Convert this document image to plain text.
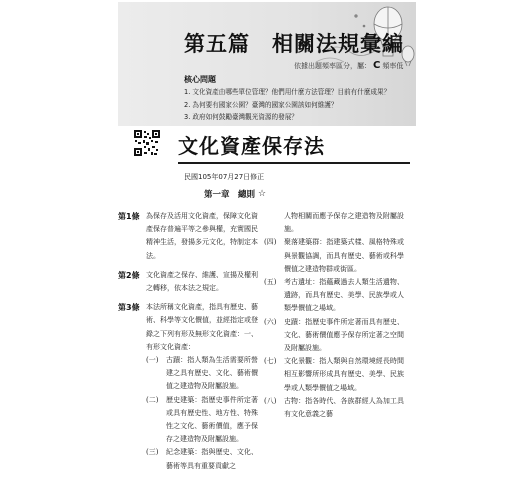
第五篇　相關法規彙編
依據出題頻率區分，屬： C 頻率低
核心問題
1. 文化資產由哪些單位管理？他們用什麼方法管理？目前有什麼成果？
2. 為何要有國家公園？臺灣的國家公園該如何維護？
3. 政府如何鼓勵臺灣觀光資源的發展？
文化資產保存法
民國105年07月27日修正
第一章　總則 ☆
第1條 為保存及活用文化資產，保障文化資產保存普遍平等之參與權，充實國民精神生活，發揚多元文化，特制定本法。
第2條 文化資產之保存、維護、宣揚及權利之轉移，依本法之規定。
第3條 本法所稱文化資產，指具有歷史、藝術、科學等文化價值，並經指定或登錄之下列有形及無形文化資產：一、有形文化資產：
(一)	古蹟：指人類為生活需要所營建之具有歷史、文化、藝術價值之建造物及附屬設施。
(二)	歷史建築：指歷史事件所定著或具有歷史性、地方性、特殊性之文化、藝術價值，應予保存之建造物及附屬設施。
(三)	紀念建築：指與歷史、文化、藝術等具有重要貢獻之
人物相關而應予保存之建造物及附屬設施。
(四)	聚落建築群：指建築式樣、風格特殊或與景觀協調，而具有歷史、藝術或科學價值之建造物群或街區。
(五)	考古遺址：指蘊藏過去人類生活遺物、遺跡，而具有歷史、美學、民族學或人類學價值之場域。
(六)	史蹟：指歷史事件所定著而具有歷史、文化、藝術價值應予保存所定著之空間及附屬設施。
(七)	文化景觀：指人類與自然環境經長時間相互影響所形成具有歷史、美學、民族學或人類學價值之場域。
(八)	古物：指各時代、各族群經人為加工具有文化意義之藝
